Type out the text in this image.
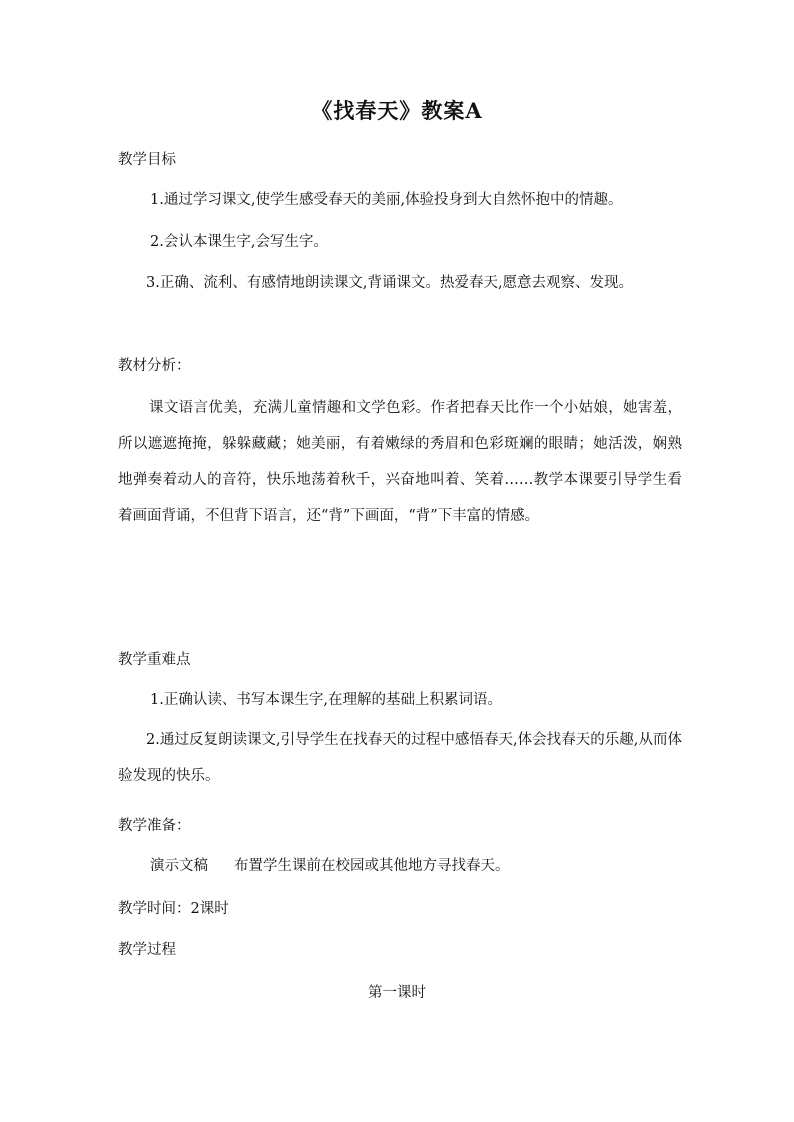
《找春天》教案A
教学目标
1.通过学习课文,使学生感受春天的美丽,体验投身到大自然怀抱中的情趣。
2.会认本课生字,会写生字。
3.正确、流利、有感情地朗读课文,背诵课文。热爱春天,愿意去观察、发现。
教材分析：

课文语言优美，充满儿童情趣和文学色彩。作者把春天比作一个小姑娘，她害羞，所以遮遮掩掩，躲躲藏藏；她美丽，有着嫩绿的秀眉和色彩斑斓的眼睛；她活泼，娴熟地弹奏着动人的音符，快乐地荡着秋千，兴奋地叫着、笑着……教学本课要引导学生看着画面背诵，不但背下语言，还“背”下画面，“背”下丰富的情感。

教学重难点
1.正确认读、书写本课生字,在理解的基础上积累词语。

2.通过反复朗读课文,引导学生在找春天的过程中感悟春天,体会找春天的乐趣,从而体验发现的快乐。

教学准备：
演示文稿 布置学生课前在校园或其他地方寻找春天。
教学时间：2课时
教学过程
第一课时
